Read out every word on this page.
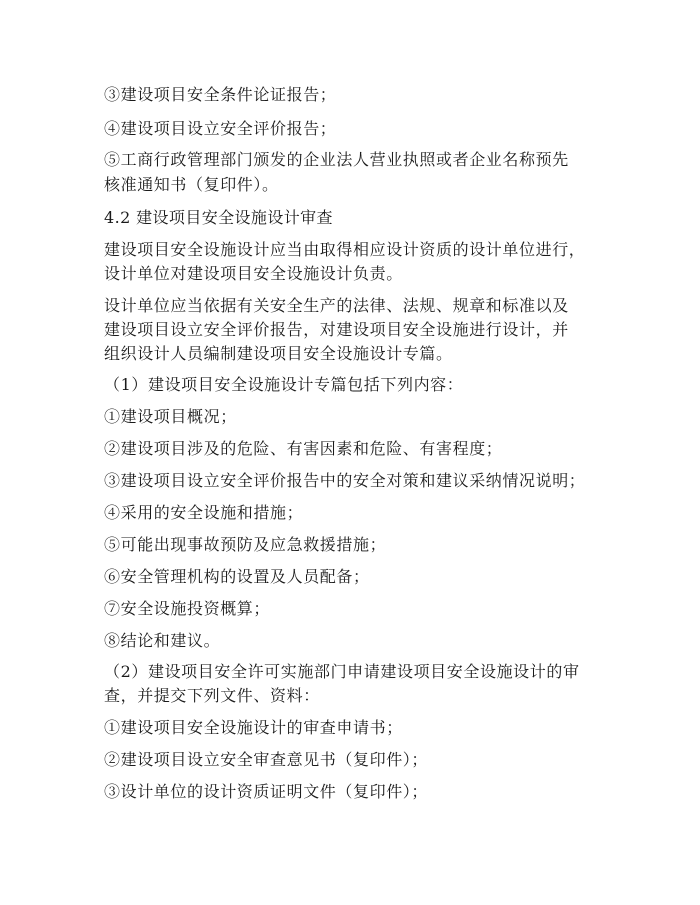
③建设项目安全条件论证报告；
④建设项目设立安全评价报告；
⑤工商行政管理部门颁发的企业法人营业执照或者企业名称预先
核准通知书（复印件）。
4.2 建设项目安全设施设计审查
建设项目安全设施设计应当由取得相应设计资质的设计单位进行，
设计单位对建设项目安全设施设计负责。
设计单位应当依据有关安全生产的法律、法规、规章和标准以及
建设项目设立安全评价报告，对建设项目安全设施进行设计，并
组织设计人员编制建设项目安全设施设计专篇。
（1）建设项目安全设施设计专篇包括下列内容：
①建设项目概况；
②建设项目涉及的危险、有害因素和危险、有害程度；
③建设项目设立安全评价报告中的安全对策和建议采纳情况说明；
④采用的安全设施和措施；
⑤可能出现事故预防及应急救援措施；
⑥安全管理机构的设置及人员配备；
⑦安全设施投资概算；
⑧结论和建议。
（2）建设项目安全许可实施部门申请建设项目安全设施设计的审
查，并提交下列文件、资料：
①建设项目安全设施设计的审查申请书；
②建设项目设立安全审查意见书（复印件）；
③设计单位的设计资质证明文件（复印件）；
